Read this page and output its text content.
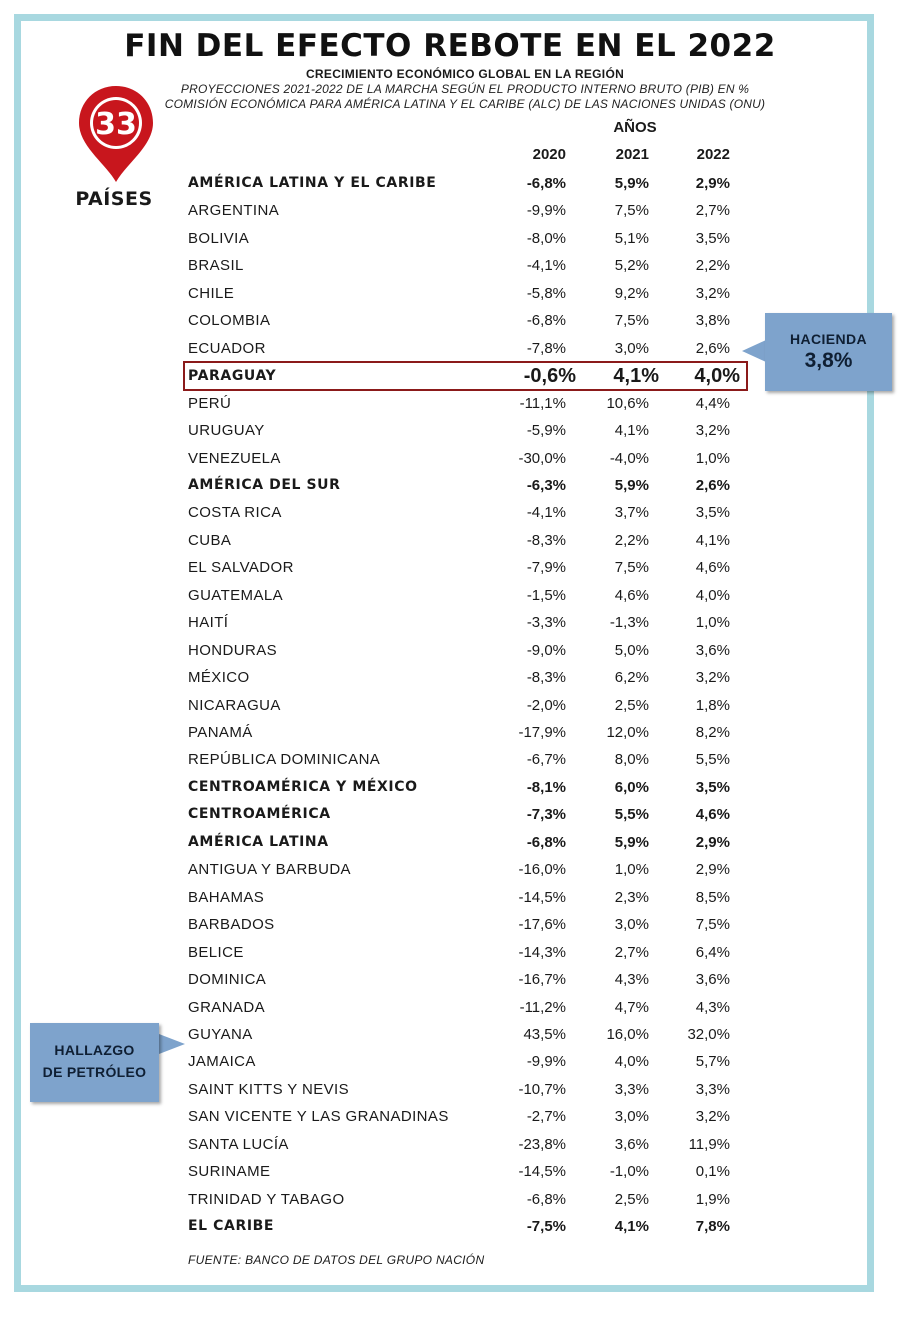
FIN DEL EFECTO REBOTE EN EL 2022
CRECIMIENTO ECONÓMICO GLOBAL EN LA REGIÓN
PROYECCIONES 2021-2022 DE LA MARCHA SEGÚN EL PRODUCTO INTERNO BRUTO (PIB) EN %
COMISIÓN ECONÓMICA PARA AMÉRICA LATINA Y EL CARIBE (ALC) DE LAS NACIONES UNIDAS (ONU)
33
PAÍSES
AÑOS
2020	2021	2022
AMÉRICA LATINA Y EL CARIBE	-6,8%	5,9%	2,9%
ARGENTINA	-9,9%	7,5%	2,7%
BOLIVIA	-8,0%	5,1%	3,5%
BRASIL	-4,1%	5,2%	2,2%
CHILE	-5,8%	9,2%	3,2%
COLOMBIA	-6,8%	7,5%	3,8%
ECUADOR	-7,8%	3,0%	2,6%
PARAGUAY	-0,6%	4,1%	4,0%
PERÚ	-11,1%	10,6%	4,4%
URUGUAY	-5,9%	4,1%	3,2%
VENEZUELA	-30,0%	-4,0%	1,0%
AMÉRICA DEL SUR	-6,3%	5,9%	2,6%
COSTA RICA	-4,1%	3,7%	3,5%
CUBA	-8,3%	2,2%	4,1%
EL SALVADOR	-7,9%	7,5%	4,6%
GUATEMALA	-1,5%	4,6%	4,0%
HAITÍ	-3,3%	-1,3%	1,0%
HONDURAS	-9,0%	5,0%	3,6%
MÉXICO	-8,3%	6,2%	3,2%
NICARAGUA	-2,0%	2,5%	1,8%
PANAMÁ	-17,9%	12,0%	8,2%
REPÚBLICA DOMINICANA	-6,7%	8,0%	5,5%
CENTROAMÉRICA Y MÉXICO	-8,1%	6,0%	3,5%
CENTROAMÉRICA	-7,3%	5,5%	4,6%
AMÉRICA LATINA	-6,8%	5,9%	2,9%
ANTIGUA Y BARBUDA	-16,0%	1,0%	2,9%
BAHAMAS	-14,5%	2,3%	8,5%
BARBADOS	-17,6%	3,0%	7,5%
BELICE	-14,3%	2,7%	6,4%
DOMINICA	-16,7%	4,3%	3,6%
GRANADA	-11,2%	4,7%	4,3%
GUYANA	43,5%	16,0%	32,0%
JAMAICA	-9,9%	4,0%	5,7%
SAINT KITTS Y NEVIS	-10,7%	3,3%	3,3%
SAN VICENTE Y LAS GRANADINAS	-2,7%	3,0%	3,2%
SANTA LUCÍA	-23,8%	3,6%	11,9%
SURINAME	-14,5%	-1,0%	0,1%
TRINIDAD Y TABAGO	-6,8%	2,5%	1,9%
EL CARIBE	-7,5%	4,1%	7,8%
HACIENDA
3,8%
HALLAZGO
DE PETRÓLEO
FUENTE: BANCO DE DATOS DEL GRUPO NACIÓN
